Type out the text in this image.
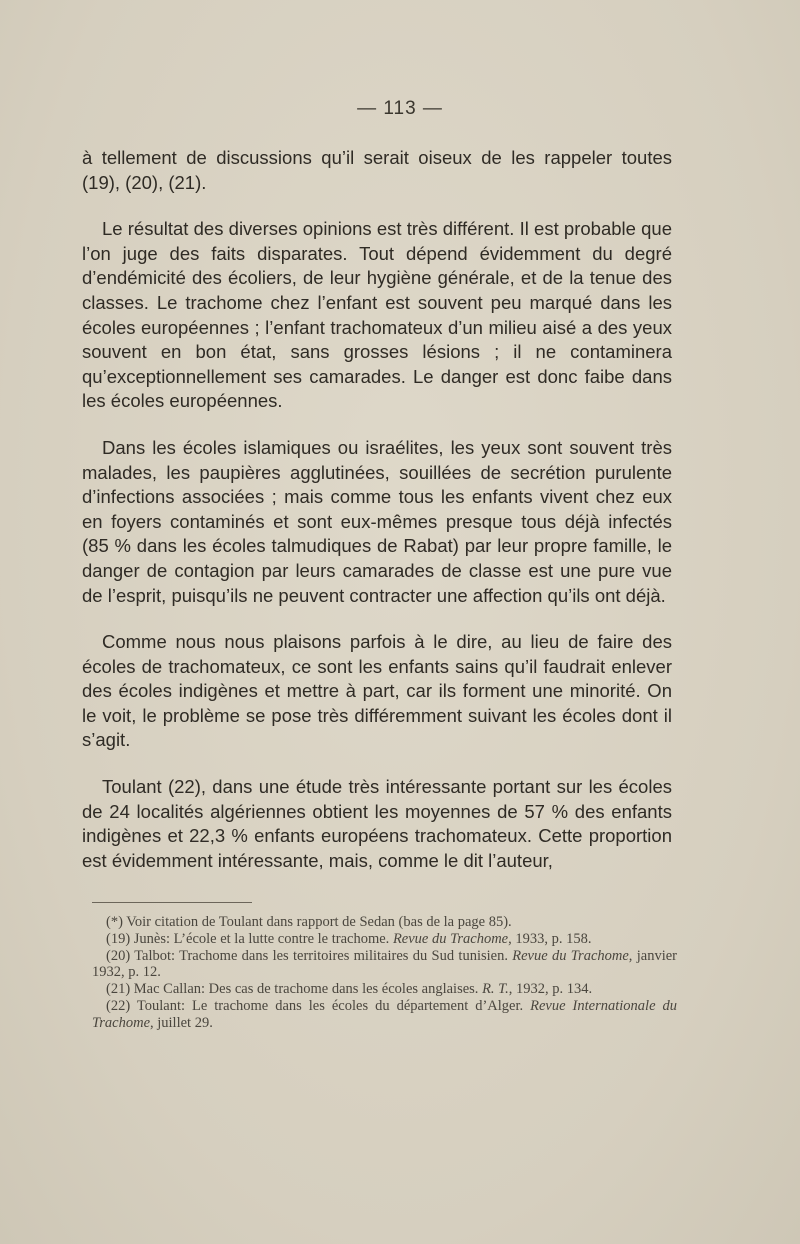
— 113 —

à tellement de discussions qu’il serait oiseux de les rappeler toutes (19), (20), (21).

Le résultat des diverses opinions est très différent. Il est probable que l’on juge des faits disparates. Tout dépend évidemment du degré d’endémicité des écoliers, de leur hygiène générale, et de la tenue des classes. Le trachome chez l’enfant est souvent peu marqué dans les écoles européennes ; l’enfant trachomateux d’un milieu aisé a des yeux souvent en bon état, sans grosses lésions ; il ne contaminera qu’exceptionnellement ses camarades. Le danger est donc faibe dans les écoles européennes.

Dans les écoles islamiques ou israélites, les yeux sont souvent très malades, les paupières agglutinées, souillées de secrétion purulente d’infections associées ; mais comme tous les enfants vivent chez eux en foyers contaminés et sont eux-mêmes presque tous déjà infectés (85 % dans les écoles talmudiques de Rabat) par leur propre famille, le danger de contagion par leurs camarades de classe est une pure vue de l’esprit, puisqu’ils ne peuvent contracter une affection qu’ils ont déjà.

Comme nous nous plaisons parfois à le dire, au lieu de faire des écoles de trachomateux, ce sont les enfants sains qu’il faudrait enlever des écoles indigènes et mettre à part, car ils forment une minorité. On le voit, le problème se pose très différemment suivant les écoles dont il s’agit.

Toulant (22), dans une étude très intéressante portant sur les écoles de 24 localités algériennes obtient les moyennes de 57 % des enfants indigènes et 22,3 % enfants européens trachomateux. Cette proportion est évidemment intéressante, mais, comme le dit l’auteur,

(*) Voir citation de Toulant dans rapport de Sedan (bas de la page 85).

(19) Junès: L’école et la lutte contre le trachome. Revue du Trachome, 1933, p. 158.

(20) Talbot: Trachome dans les territoires militaires du Sud tunisien. Revue du Trachome, janvier 1932, p. 12.

(21) Mac Callan: Des cas de trachome dans les écoles anglaises. R. T., 1932, p. 134.

(22) Toulant: Le trachome dans les écoles du département d’Alger. Revue Internationale du Trachome, juillet 29.
